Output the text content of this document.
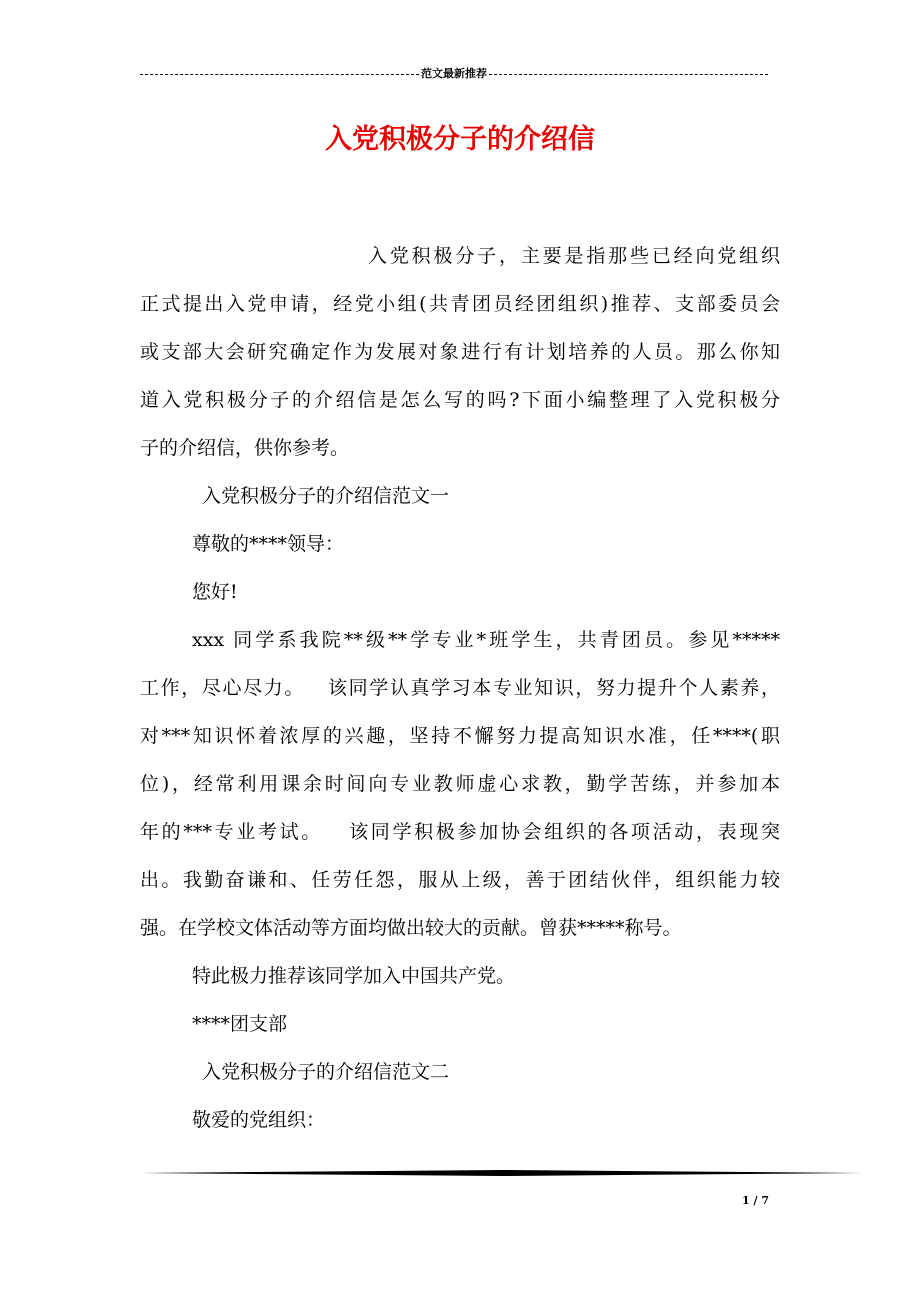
范文最新推荐
入党积极分子的介绍信
入党积极分子，主要是指那些已经向党组织
正式提出入党申请，经党小组(共青团员经团组织)推荐、支部委员会
或支部大会研究确定作为发展对象进行有计划培养的人员。那么你知
道入党积极分子的介绍信是怎么写的吗?下面小编整理了入党积极分
子的介绍信，供你参考。
入党积极分子的介绍信范文一
尊敬的****领导：
您好!
xxx 同学系我院**级**学专业*班学生，共青团员。参见*****
工作，尽心尽力。   该同学认真学习本专业知识，努力提升个人素养，
对***知识怀着浓厚的兴趣，坚持不懈努力提高知识水准，任****(职
位)，经常利用课余时间向专业教师虚心求教，勤学苦练，并参加本
年的***专业考试。   该同学积极参加协会组织的各项活动，表现突
出。我勤奋谦和、任劳任怨，服从上级，善于团结伙伴，组织能力较
强。在学校文体活动等方面均做出较大的贡献。曾获*****称号。
特此极力推荐该同学加入中国共产党。
****团支部
入党积极分子的介绍信范文二
敬爱的党组织：
1 / 7
